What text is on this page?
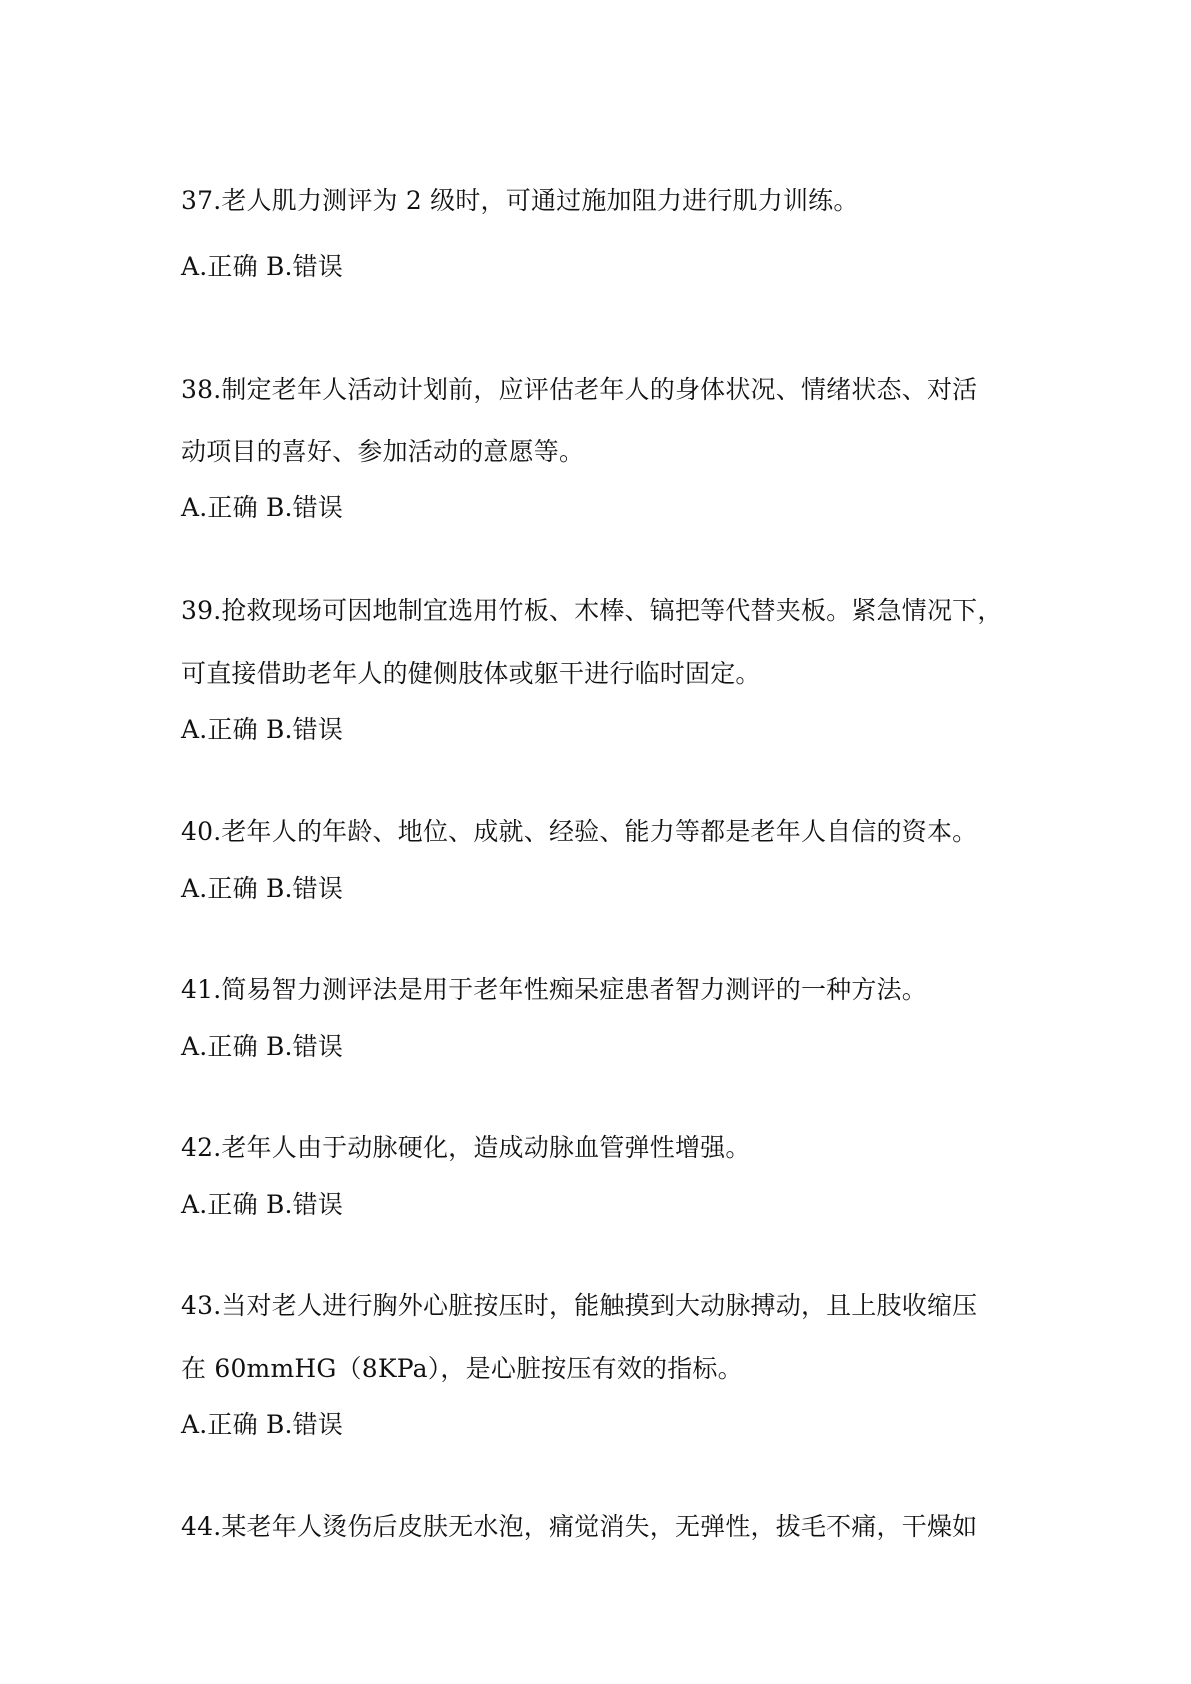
37.老人肌力测评为 2 级时，可通过施加阻力进行肌力训练。
A.正确 B.错误
38.制定老年人活动计划前，应评估老年人的身体状况、情绪状态、对活
动项目的喜好、参加活动的意愿等。
A.正确 B.错误
39.抢救现场可因地制宜选用竹板、木棒、镐把等代替夹板。紧急情况下，
可直接借助老年人的健侧肢体或躯干进行临时固定。
A.正确 B.错误
40.老年人的年龄、地位、成就、经验、能力等都是老年人自信的资本。
A.正确 B.错误
41.简易智力测评法是用于老年性痴呆症患者智力测评的一种方法。
A.正确 B.错误
42.老年人由于动脉硬化，造成动脉血管弹性增强。
A.正确 B.错误
43.当对老人进行胸外心脏按压时，能触摸到大动脉搏动，且上肢收缩压
在 60mmHG（8KPa），是心脏按压有效的指标。
A.正确 B.错误
44.某老年人烫伤后皮肤无水泡，痛觉消失，无弹性，拔毛不痛，干燥如
